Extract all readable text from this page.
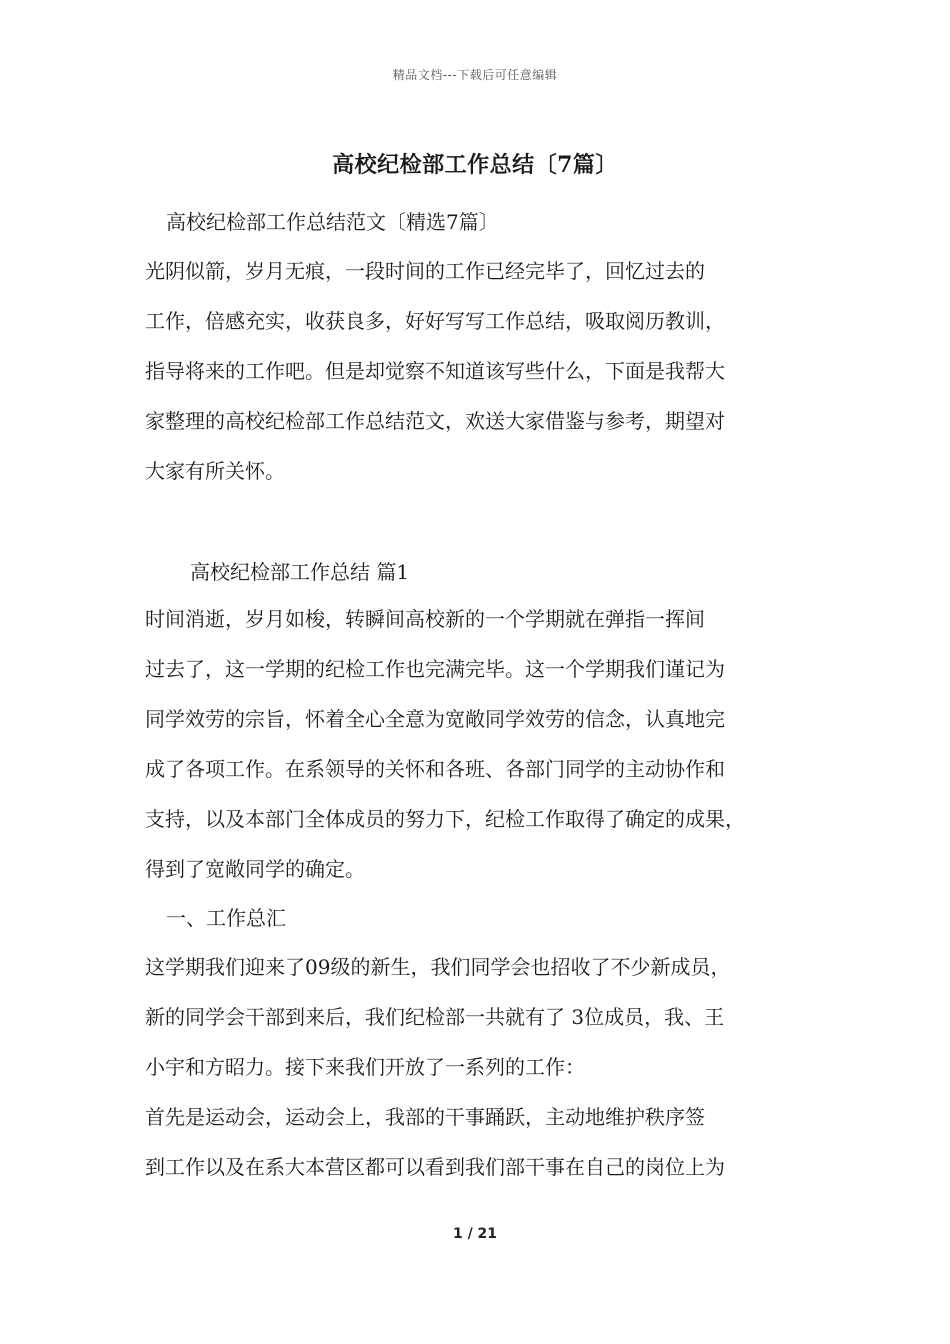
精品文档---下载后可任意编辑
高校纪检部工作总结〔7篇〕
高校纪检部工作总结范文〔精选7篇〕
光阴似箭，岁月无痕，一段时间的工作已经完毕了，回忆过去的
工作，倍感充实，收获良多，好好写写工作总结，吸取阅历教训，
指导将来的工作吧。但是却觉察不知道该写些什么，下面是我帮大
家整理的高校纪检部工作总结范文，欢送大家借鉴与参考，期望对
大家有所关怀。
高校纪检部工作总结 篇1
时间消逝，岁月如梭，转瞬间高校新的一个学期就在弹指一挥间
过去了，这一学期的纪检工作也完满完毕。这一个学期我们谨记为
同学效劳的宗旨，怀着全心全意为宽敞同学效劳的信念，认真地完
成了各项工作。在系领导的关怀和各班、各部门同学的主动协作和
支持，以及本部门全体成员的努力下，纪检工作取得了确定的成果，
得到了宽敞同学的确定。
一、工作总汇
这学期我们迎来了09级的新生，我们同学会也招收了不少新成员，
新的同学会干部到来后，我们纪检部一共就有了 3位成员，我、王
小宇和方昭力。接下来我们开放了一系列的工作：
首先是运动会，运动会上，我部的干事踊跃，主动地维护秩序签
到工作以及在系大本营区都可以看到我们部干事在自己的岗位上为
1 / 21
